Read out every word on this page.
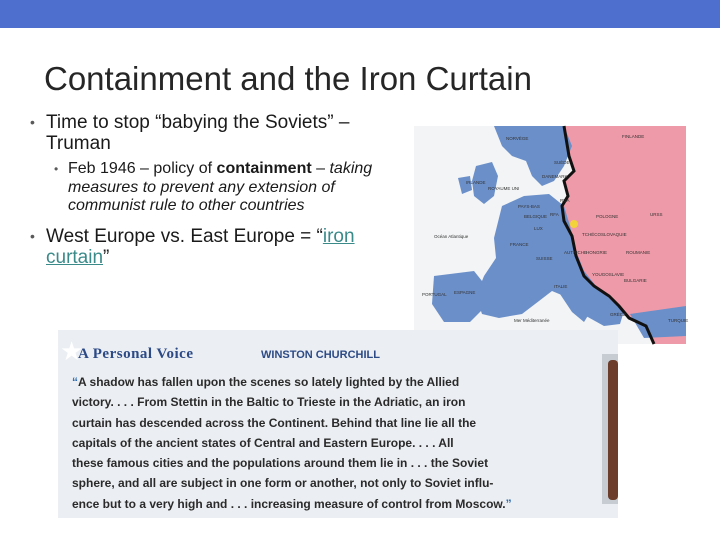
Containment and the Iron Curtain
• Time to stop “babying the Soviets” – Truman
• Feb 1946 – policy of containment – taking measures to prevent any extension of communist rule to other countries
• West Europe vs. East Europe = “iron curtain”
FINLANDE
NORVÈGE
SUÈDE
DANEMARK
IRLANDE
ROYAUME UNI
POLOGNE	URSS
TCHÉCOSLOVAQUIE
HONGRIE	ROUMANIE
YOUGOSLAVIE
BULGARIE
FRANCE
ESPAGNE
PORTUGAL
ITALIE
GRÈCE
TURQUIE
SUISSE
AUTRICHE
Océan Atlantique
Mer Méditerranée
RFA
RDA
BELGIQUE
LUX
PAYS-BAS
★
A Personal Voice	WINSTON CHURCHILL
“A shadow has fallen upon the scenes so lately lighted by the Allied
victory. . . . From Stettin in the Baltic to Trieste in the Adriatic, an iron
curtain has descended across the Continent. Behind that line lie all the
capitals of the ancient states of Central and Eastern Europe. . . . All
these famous cities and the populations around them lie in . . . the Soviet
sphere, and all are subject in one form or another, not only to Soviet influ-
ence but to a very high and . . . increasing measure of control from Moscow.”
